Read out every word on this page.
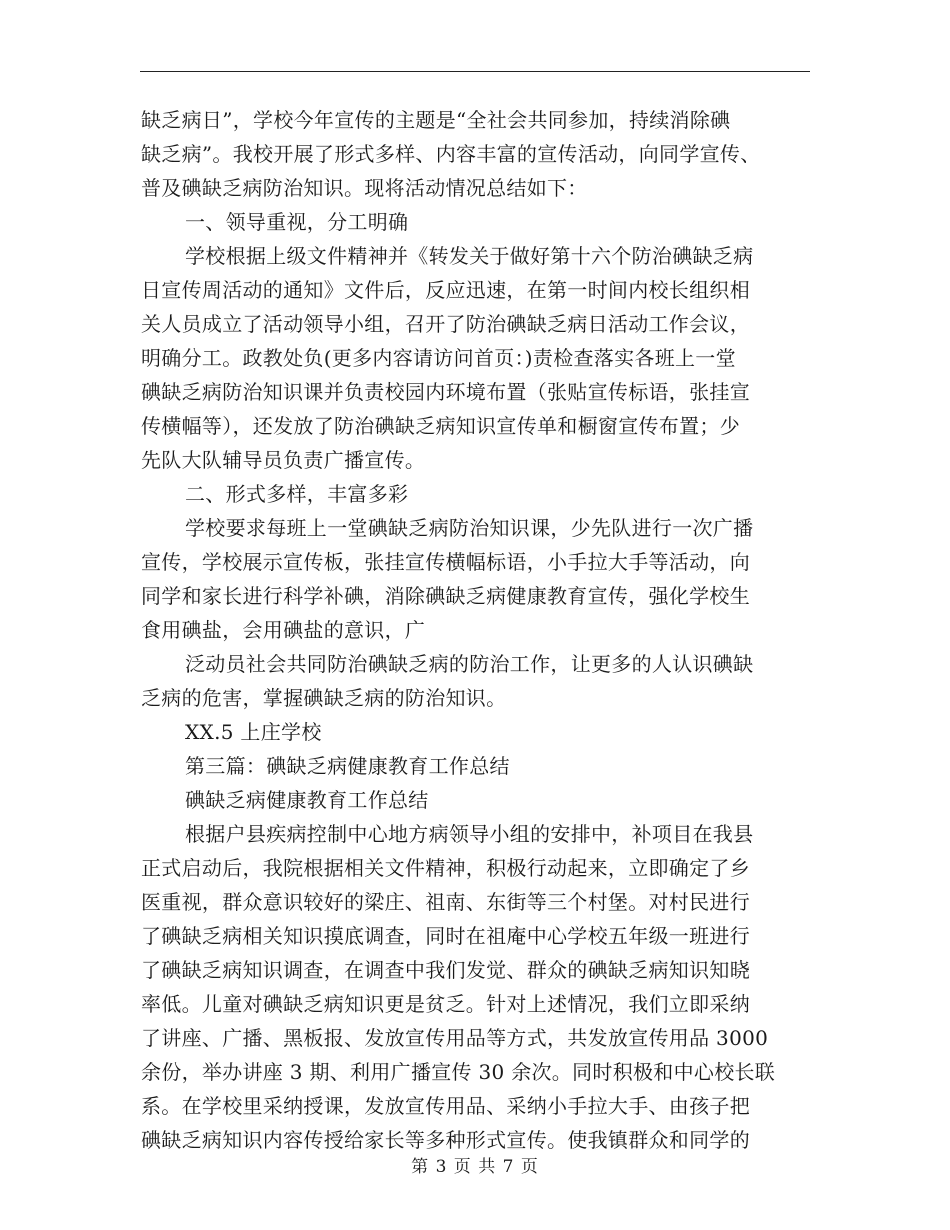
缺乏病日”，学校今年宣传的主题是“全社会共同参加，持续消除碘
缺乏病”。我校开展了形式多样、内容丰富的宣传活动，向同学宣传、
普及碘缺乏病防治知识。现将活动情况总结如下：
一、领导重视，分工明确
学校根据上级文件精神并《转发关于做好第十六个防治碘缺乏病
日宣传周活动的通知》文件后，反应迅速，在第一时间内校长组织相
关人员成立了活动领导小组，召开了防治碘缺乏病日活动工作会议，
明确分工。政教处负(更多内容请访问首页：)责检查落实各班上一堂
碘缺乏病防治知识课并负责校园内环境布置（张贴宣传标语，张挂宣
传横幅等），还发放了防治碘缺乏病知识宣传单和橱窗宣传布置；少
先队大队辅导员负责广播宣传。
二、形式多样，丰富多彩
学校要求每班上一堂碘缺乏病防治知识课，少先队进行一次广播
宣传，学校展示宣传板，张挂宣传横幅标语，小手拉大手等活动，向
同学和家长进行科学补碘，消除碘缺乏病健康教育宣传，强化学校生
食用碘盐，会用碘盐的意识，广
泛动员社会共同防治碘缺乏病的防治工作，让更多的人认识碘缺
乏病的危害，掌握碘缺乏病的防治知识。
XX.5 上庄学校
第三篇：碘缺乏病健康教育工作总结
碘缺乏病健康教育工作总结
根据户县疾病控制中心地方病领导小组的安排中，补项目在我县
正式启动后，我院根据相关文件精神，积极行动起来，立即确定了乡
医重视，群众意识较好的梁庄、祖南、东街等三个村堡。对村民进行
了碘缺乏病相关知识摸底调查，同时在祖庵中心学校五年级一班进行
了碘缺乏病知识调查，在调查中我们发觉、群众的碘缺乏病知识知晓
率低。儿童对碘缺乏病知识更是贫乏。针对上述情况，我们立即采纳
了讲座、广播、黑板报、发放宣传用品等方式，共发放宣传用品 3000
余份，举办讲座 3 期、利用广播宣传 30 余次。同时积极和中心校长联
系。在学校里采纳授课，发放宣传用品、采纳小手拉大手、由孩子把
碘缺乏病知识内容传授给家长等多种形式宣传。使我镇群众和同学的
第 3 页 共 7 页
